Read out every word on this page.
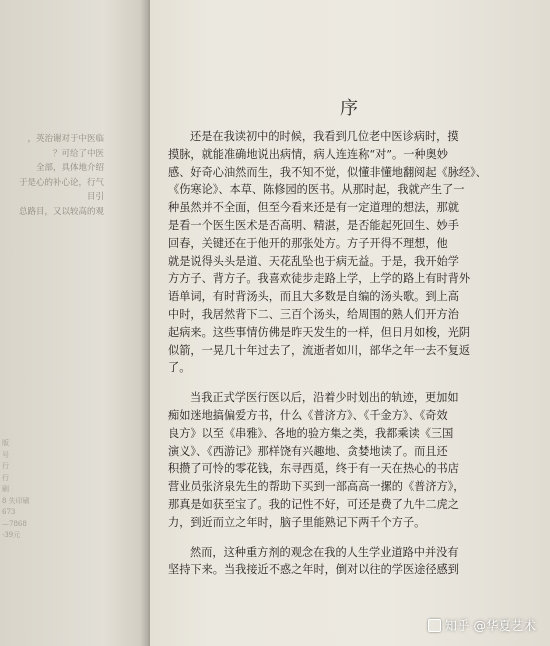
，英治谢对于中医临
？可给了中医
全部，具体地介绍
于是心的补心论，行气
目引
总路目，又以较高的观
版
号
行
行
刷
8 失印刷
673
—7868
·39元
序
还是在我读初中的时候，我看到几位老中医诊病时，摸
摸脉，就能准确地说出病情，病人连连称“对”。一种奥妙
感、好奇心油然而生，我不知不觉，似懂非懂地翻阅起《脉经》、
《伤寒论》、本草、陈修园的医书。从那时起，我就产生了一
种虽然并不全面，但至今看来还是有一定道理的想法，那就
是看一个医生医术是否高明、精湛，是否能起死回生、妙手
回春，关键还在于他开的那张处方。方子开得不理想，他
就是说得头头是道、天花乱坠也于病无益。于是，我开始学
方方子、背方子。我喜欢徒步走路上学，上学的路上有时背外
语单词，有时背汤头，而且大多数是自编的汤头歌。到上高
中时，我居然背下二、三百个汤头，给周围的熟人们开方治
起病来。这些事情仿佛是昨天发生的一样，但日月如梭，光阴
似箭，一晃几十年过去了，流逝者如川，部华之年一去不复返
了。
当我正式学医行医以后，沿着少时划出的轨迹，更加如
痴如迷地搞偏爱方书，什么《普济方》、《千金方》、《奇效
良方》以至《串雅》、各地的验方集之类，我都乘读《三国
演义》、《西游记》那样饶有兴趣地、贪婪地读了。而且还
积攒了可怜的零花钱，东寻西觅，终于有一天在热心的书店
营业员张济泉先生的帮助下买到一部高高一摞的《普济方》，
那真是如获至宝了。我的记性不好，可还是费了九牛二虎之
力，到近而立之年时，脑子里能熟记下两千个方子。
然而，这种重方剂的观念在我的人生学业道路中并没有
坚持下来。当我接近不惑之年时，倒对以往的学医途径感到
知乎 @华夏艺术
